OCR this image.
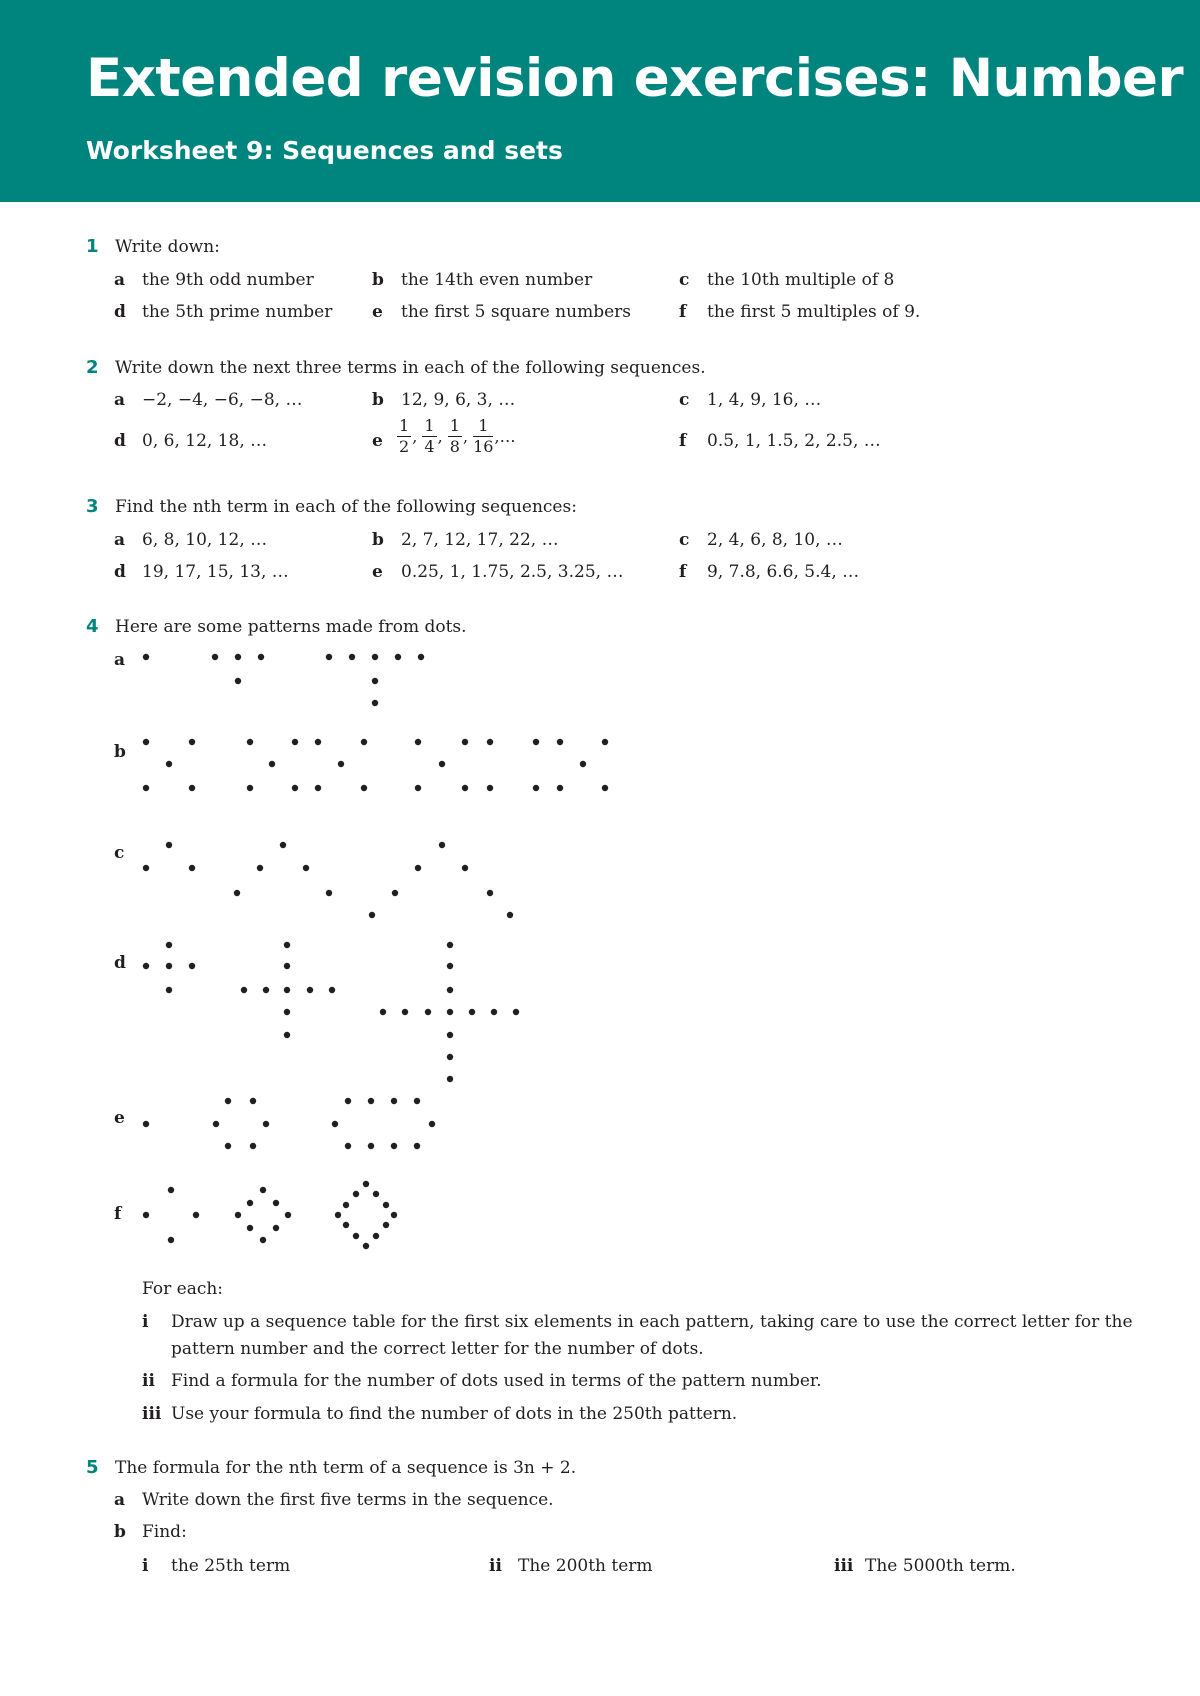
Extended revision exercises: Number
Worksheet 9: Sequences and sets
1 Write down:
a the 9th odd number	b the 14th even number	c the 10th multiple of 8
d the 5th prime number e the first 5 square numbers	f the first 5 multiples of 9.
2 Write down the next three terms in each of the following sequences.
a −2, −4, −6, −8, …	b 12, 9, 6, 3, …	c 1, 4, 9, 16, …
d 0, 6, 12, 18, …	e $\frac{1}{2}$ , $\frac{1}{4}$ , $\frac{1}{8}$ , $\frac{1}{16}$ ,…	f 0.5, 1, 1.5, 2, 2.5, …
3 Find the nth term in each of the following sequences:
a 6, 8, 10, 12, …	b 2, 7, 12, 17, 22, …	c 2, 4, 6, 8, 10, …
d 19, 17, 15, 13, …	e 0.25, 1, 1.75, 2.5, 3.25, …	f 9, 7.8, 6.6, 5.4, …
4 Here are some patterns made from dots.
a
b
c
d
e
f
For each:
i Draw up a sequence table for the first six elements in each pattern, taking care to use the correct letter for the
pattern number and the correct letter for the number of dots.
ii Find a formula for the number of dots used in terms of the pattern number.
iii Use your formula to find the number of dots in the 250th pattern.
5 The formula for the nth term of a sequence is 3n + 2.
a Write down the first five terms in the sequence.
b Find:
i the 25th term	ii The 200th term	iii The 5000th term.
